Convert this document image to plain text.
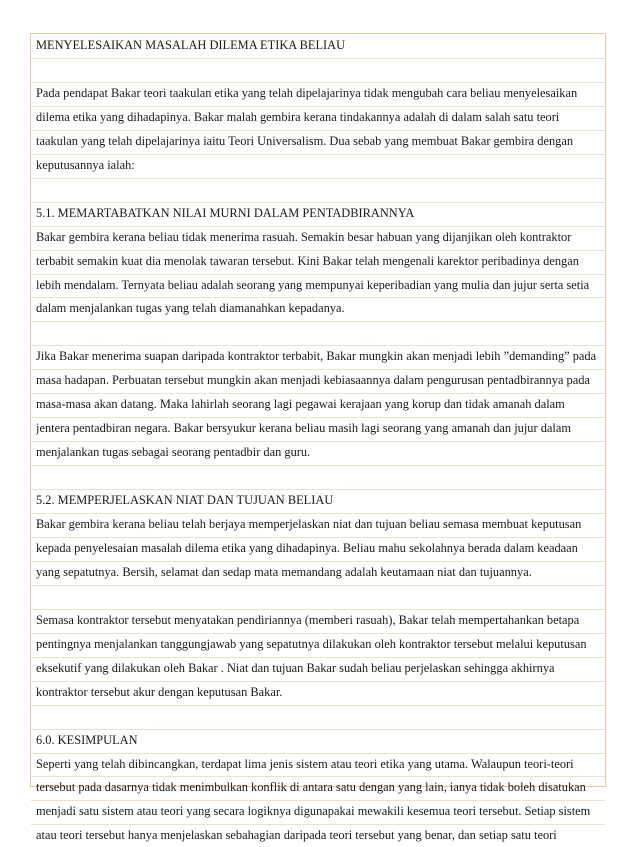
MENYELESAIKAN MASALAH DILEMA ETIKA BELIAU
Pada pendapat Bakar teori taakulan etika yang telah dipelajarinya tidak mengubah cara beliau menyelesaikan
dilema etika yang dihadapinya. Bakar malah gembira kerana tindakannya adalah di dalam salah satu teori
taakulan yang telah dipelajarinya iaitu Teori Universalism. Dua sebab yang membuat Bakar gembira dengan
keputusannya ialah:
5.1. MEMARTABATKAN NILAI MURNI DALAM PENTADBIRANNYA
Bakar gembira kerana beliau tidak menerima rasuah. Semakin besar habuan yang dijanjikan oleh kontraktor
terbabit semakin kuat dia menolak tawaran tersebut. Kini Bakar telah mengenali karektor peribadinya dengan
lebih mendalam. Ternyata beliau adalah seorang yang mempunyai keperibadian yang mulia dan jujur serta setia
dalam menjalankan tugas yang telah diamanahkan kepadanya.
Jika Bakar menerima suapan daripada kontraktor terbabit, Bakar mungkin akan menjadi lebih ”demanding” pada
masa hadapan. Perbuatan tersebut mungkin akan menjadi kebiasaannya dalam pengurusan pentadbirannya pada
masa-masa akan datang. Maka lahirlah seorang lagi pegawai kerajaan yang korup dan tidak amanah dalam
jentera pentadbiran negara. Bakar bersyukur kerana beliau masih lagi seorang yang amanah dan jujur dalam
menjalankan tugas sebagai seorang pentadbir dan guru.
5.2. MEMPERJELASKAN NIAT DAN TUJUAN BELIAU
Bakar gembira kerana beliau telah berjaya memperjelaskan niat dan tujuan beliau semasa membuat keputusan
kepada penyelesaian masalah dilema etika yang dihadapinya. Beliau mahu sekolahnya berada dalam keadaan
yang sepatutnya. Bersih, selamat dan sedap mata memandang adalah keutamaan niat dan tujuannya.
Semasa kontraktor tersebut menyatakan pendiriannya (memberi rasuah), Bakar telah mempertahankan betapa
pentingnya menjalankan tanggungjawab yang sepatutnya dilakukan oleh kontraktor tersebut melalui keputusan
eksekutif yang dilakukan oleh Bakar . Niat dan tujuan Bakar sudah beliau perjelaskan sehingga akhirnya
kontraktor tersebut akur dengan keputusan Bakar.
6.0. KESIMPULAN
Seperti yang telah dibincangkan, terdapat lima jenis sistem atau teori etika yang utama. Walaupun teori-teori
tersebut pada dasarnya tidak menimbulkan konflik di antara satu dengan yang lain, ianya tidak boleh disatukan
menjadi satu sistem atau teori yang secara logiknya digunapakai mewakili kesemua teori tersebut. Setiap sistem
atau teori tersebut hanya menjelaskan sebahagian daripada teori tersebut yang benar, dan setiap satu teori
